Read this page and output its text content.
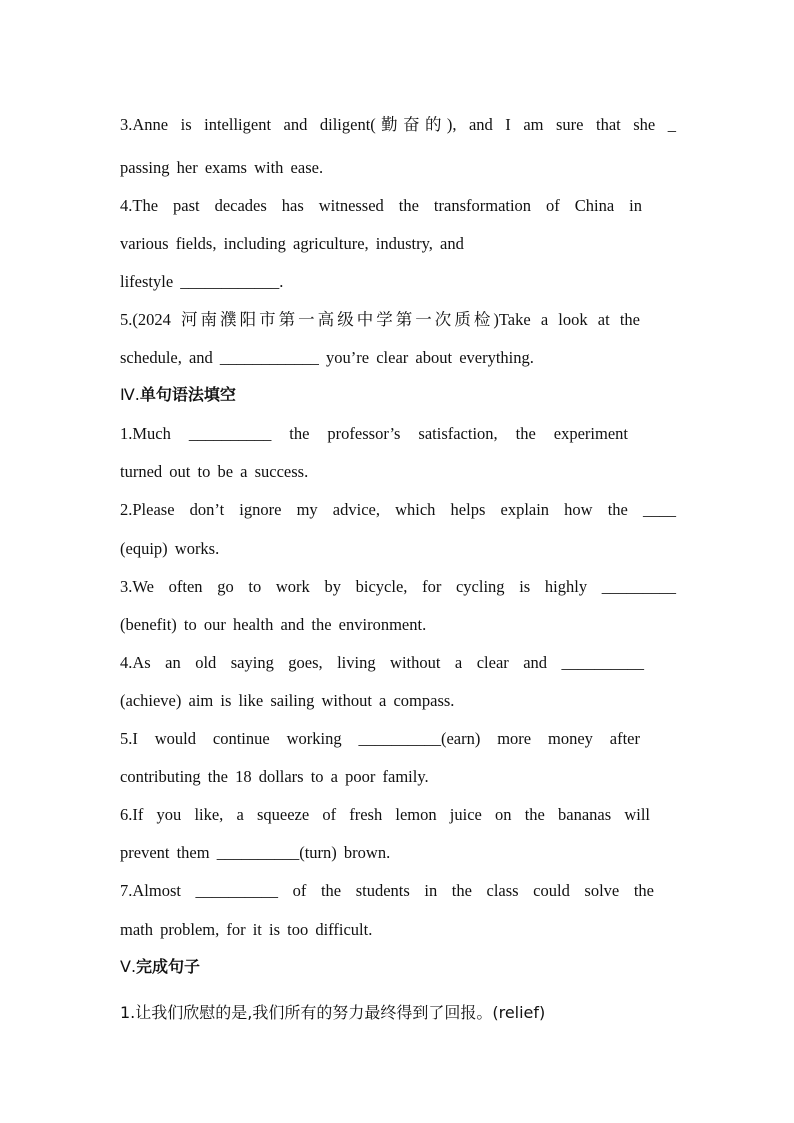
3.Anne is intelligent and diligent(勤奋的), and I am sure that she _
passing her exams with ease.
4.The past decades has witnessed the transformation of China in
various fields, including agriculture, industry, and
lifestyle ____________.
5.(2024 河南濮阳市第一高级中学第一次质检)Take a look at the
schedule, and ____________ you’re clear about everything.
Ⅳ.单句语法填空
1.Much __________ the professor’s satisfaction, the experiment
turned out to be a success.
2.Please don’t ignore my advice, which helps explain how the ____
(equip) works.
3.We often go to work by bicycle, for cycling is highly _________
(benefit) to our health and the environment.
4.As an old saying goes, living without a clear and __________
(achieve) aim is like sailing without a compass.
5.I would continue working __________(earn) more money after
contributing the 18 dollars to a poor family.
6.If you like, a squeeze of fresh lemon juice on the bananas will
prevent them __________(turn) brown.
7.Almost __________ of the students in the class could solve the
math problem, for it is too difficult.
Ⅴ.完成句子
1.让我们欣慰的是,我们所有的努力最终得到了回报。(relief)
